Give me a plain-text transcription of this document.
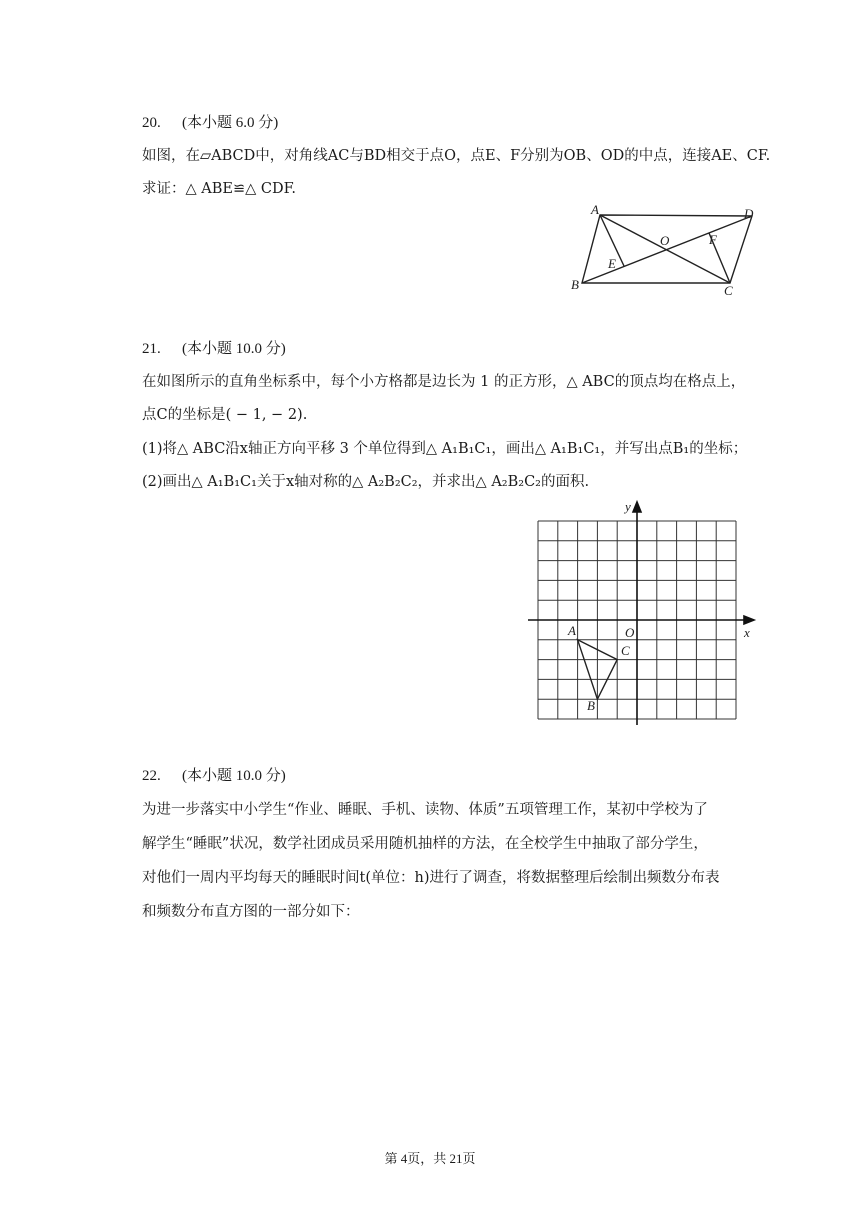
20. (本小题 6.0 分)
如图，在▱ABCD中，对角线AC与BD相交于点O，点E、F分别为OB、OD的中点，连接AE、CF.
求证：△ ABE≌△ CDF.
A	D
B	C
O
E
F
21. (本小题 10.0 分)
在如图所示的直角坐标系中，每个小方格都是边长为 1 的正方形，△ ABC的顶点均在格点上，
点C的坐标是( − 1, − 2).
(1)将△ ABC沿x轴正方向平移 3 个单位得到△ A₁B₁C₁，画出△ A₁B₁C₁，并写出点B₁的坐标；
(2)画出△ A₁B₁C₁关于x轴对称的△ A₂B₂C₂，并求出△ A₂B₂C₂的面积.
x
y
O
A
B
C
22. (本小题 10.0 分)
为进一步落实中小学生“作业、睡眠、手机、读物、体质”五项管理工作，某初中学校为了
解学生“睡眠”状况，数学社团成员采用随机抽样的方法，在全校学生中抽取了部分学生，
对他们一周内平均每天的睡眠时间t(单位：h)进行了调查，将数据整理后绘制出频数分布表
和频数分布直方图的一部分如下：
第 4页，共 21页
